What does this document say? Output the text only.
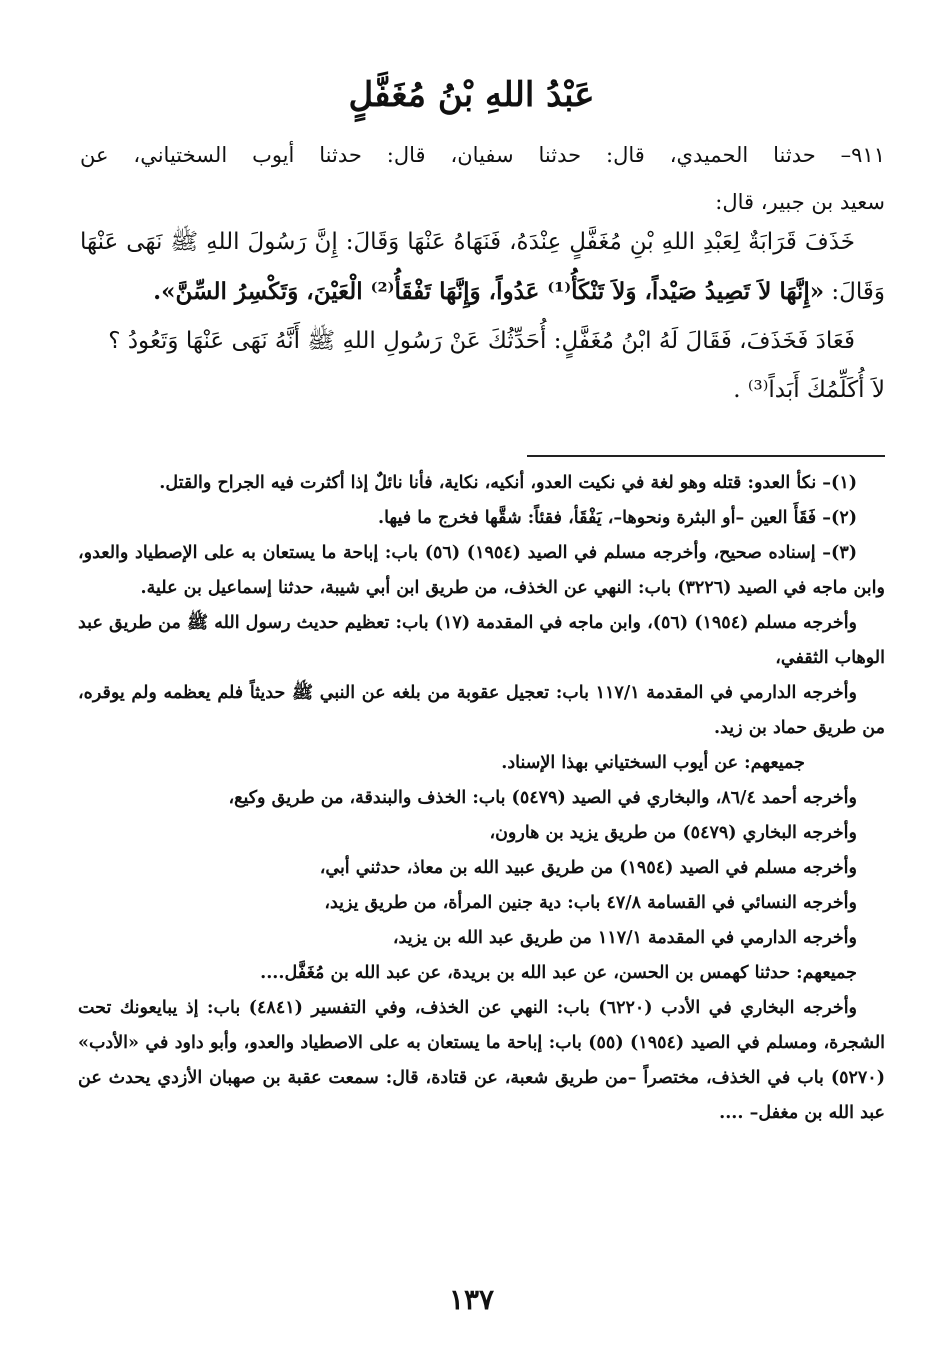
عَبْدُ اللهِ بْنُ مُغَفَّلٍ

٩١١– حدثنا الحميدي، قال: حدثنا سفيان، قال: حدثنا أيوب السختياني، عن

سعيد بن جبير، قال:

خَذَفَ قَرَابَةٌ لِعَبْدِ اللهِ بْنِ مُغَفَّلٍ عِنْدَهُ، فَنَهَاهُ عَنْهَا وَقَالَ: إِنَّ رَسُولَ اللهِ ﷺ نَهَى عَنْهَا وَقَالَ: «إِنَّهَا لاَ تَصِيدُ صَيْداً، وَلاَ تَنْكَأُ⁽¹⁾ عَدُواً، وَإِنَّهَا تَفْقَأُ⁽²⁾ الْعَيْنَ، وَتَكْسِرُ السِّنَّ».

فَعَادَ فَخَذَفَ، فَقَالَ لَهُ ابْنُ مُغَفَّلٍ: أُحَدِّثُكَ عَنْ رَسُولِ اللهِ ﷺ أَنَّهُ نَهَى عَنْهَا وَتَعُودُ ؟

لاَ أُكَلِّمُكَ أَبَداً⁽³⁾ .

(١)– نكأ العدو: قتله وهو لغة في نكيت العدو، أنكيه، نكاية، فأنا نائلٌ إذا أكثرت فيه الجراح والقتل.

(٢)– فَقَأَ العين –أو البثرة ونحوها–، يَفْقَأ، فقئاً: شقَّها فخرج ما فيها.

(٣)– إسناده صحيح، وأخرجه مسلم في الصيد (١٩٥٤) (٥٦) باب: إباحة ما يستعان به على الإصطياد والعدو، وابن ماجه في الصيد (٣٢٢٦) باب: النهي عن الخذف، من طريق ابن أبي شيبة، حدثنا إسماعيل بن علية.

وأخرجه مسلم (١٩٥٤) (٥٦)، وابن ماجه في المقدمة (١٧) باب: تعظيم حديث رسول الله ﷺ من طريق عبد الوهاب الثقفي،

وأخرجه الدارمي في المقدمة ١١٧/١ باب: تعجيل عقوبة من بلغه عن النبي ﷺ حديثاً فلم يعظمه ولم يوقره، من طريق حماد بن زيد.

جميعهم: عن أيوب السختياني بهذا الإسناد.

وأخرجه أحمد ٨٦/٤، والبخاري في الصيد (٥٤٧٩) باب: الخذف والبندقة، من طريق وكيع،

وأخرجه البخاري (٥٤٧٩) من طريق يزيد بن هارون،

وأخرجه مسلم في الصيد (١٩٥٤) من طريق عبيد الله بن معاذ، حدثني أبي،

وأخرجه النسائي في القسامة ٤٧/٨ باب: دية جنين المرأة، من طريق يزيد،

وأخرجه الدارمي في المقدمة ١١٧/١ من طريق عبد الله بن يزيد،

جميعهم: حدثنا كهمس بن الحسن، عن عبد الله بن بريدة، عن عبد الله بن مُغَفَّل....

وأخرجه البخاري في الأدب (٦٢٢٠) باب: النهي عن الخذف، وفي التفسير (٤٨٤١) باب: إذ يبايعونك تحت الشجرة، ومسلم في الصيد (١٩٥٤) (٥٥) باب: إباحة ما يستعان به على الاصطياد والعدو، وأبو داود في «الأدب» (٥٢٧٠) باب في الخذف، مختصراً –من طريق شعبة، عن قتادة، قال: سمعت عقبة بن صهبان الأزدي يحدث عن عبد الله بن مغفل– ....

١٣٧
